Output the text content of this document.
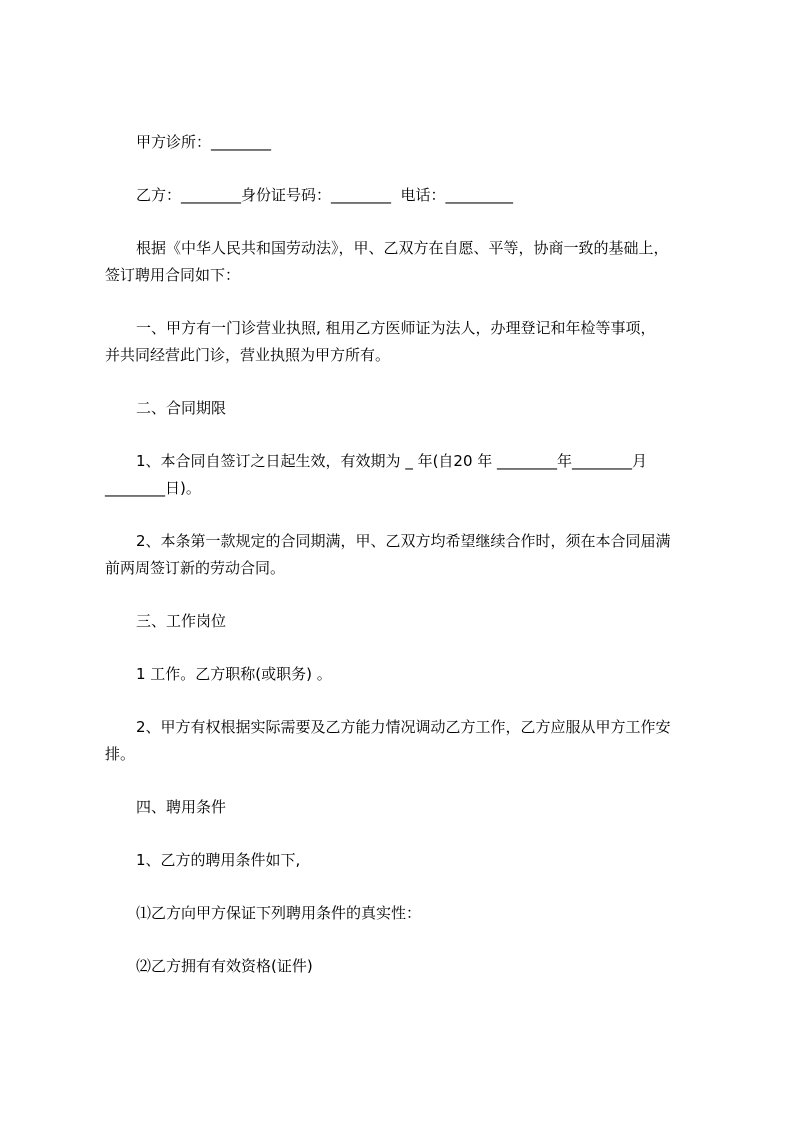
甲方诊所：________
乙方：________身份证号码：________  电话：_________
根据《中华人民共和国劳动法》，甲、乙双方在自愿、平等，协商一致的基础上，
签订聘用合同如下：
一、甲方有一门诊营业执照, 租用乙方医师证为法人，办理登记和年检等事项，
并共同经营此门诊，营业执照为甲方所有。
二、合同期限
1、本合同自签订之日起生效，有效期为 _ 年(自20 年 ________年________月
________日)。
2、本条第一款规定的合同期满，甲、乙双方均希望继续合作时，须在本合同届满
前两周签订新的劳动合同。
三、工作岗位
1 工作。乙方职称(或职务) 。
2、甲方有权根据实际需要及乙方能力情况调动乙方工作，乙方应服从甲方工作安
排。
四、聘用条件
1、乙方的聘用条件如下,
⑴乙方向甲方保证下列聘用条件的真实性：
⑵乙方拥有有效资格(证件)
